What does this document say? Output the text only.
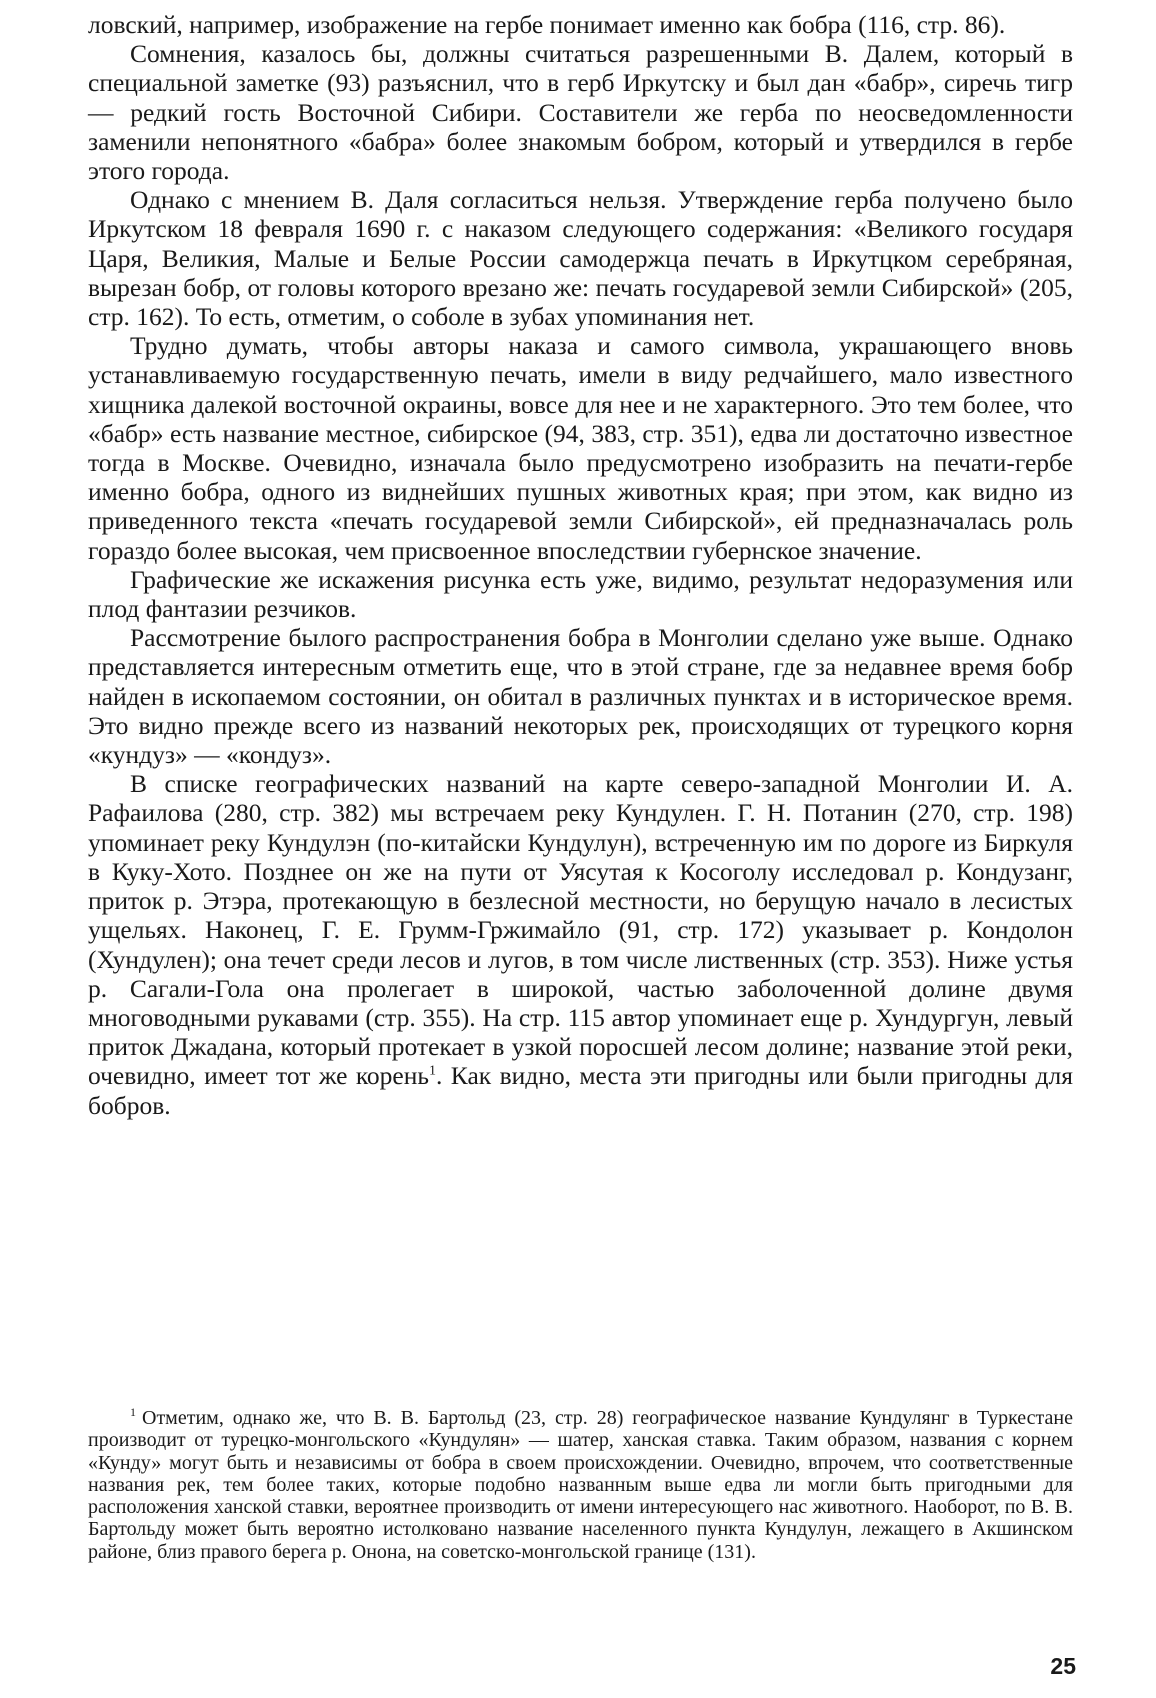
ловский, например, изображение на гербе понимает именно как бобра (116, стр. 86).

Сомнения, казалось бы, должны считаться разрешенными В. Далем, который в специальной заметке (93) разъяснил, что в герб Иркутску и был дан «бабр», сиречь тигр — редкий гость Восточной Сибири. Составители же герба по неосведомленности заменили непонятного «бабра» более знакомым бобром, который и утвердился в гербе этого города.

Однако с мнением В. Даля согласиться нельзя. Утверждение герба получено было Иркутском 18 февраля 1690 г. с наказом следующего содержания: «Великого государя Царя, Великия, Малые и Белые России самодержца печать в Иркутцком серебряная, вырезан бобр, от головы которого врезано же: печать государевой земли Сибирской» (205, стр. 162). То есть, отметим, о соболе в зубах упоминания нет.

Трудно думать, чтобы авторы наказа и самого символа, украшающего вновь устанавливаемую государственную печать, имели в виду редчайшего, мало известного хищника далекой восточной окраины, вовсе для нее и не характерного. Это тем более, что «бабр» есть название местное, сибирское (94, 383, стр. 351), едва ли достаточно известное тогда в Москве. Очевидно, изначала было предусмотрено изобразить на печати-гербе именно бобра, одного из виднейших пушных животных края; при этом, как видно из приведенного текста «печать государевой земли Сибирской», ей предназначалась роль гораздо более высокая, чем присвоенное впоследствии губернское значение.

Графические же искажения рисунка есть уже, видимо, результат недоразумения или плод фантазии резчиков.

Рассмотрение былого распространения бобра в Монголии сделано уже выше. Однако представляется интересным отметить еще, что в этой стране, где за недавнее время бобр найден в ископаемом состоянии, он обитал в различных пунктах и в историческое время. Это видно прежде всего из названий некоторых рек, происходящих от турецкого корня «кундуз» — «кондуз».

В списке географических названий на карте северо-западной Монголии И. А. Рафаилова (280, стр. 382) мы встречаем реку Кундулен. Г. Н. Потанин (270, стр. 198) упоминает реку Кундулэн (по-китайски Кундулун), встреченную им по дороге из Биркуля в Куку-Хото. Позднее он же на пути от Уясутая к Косоголу исследовал р. Кондузанг, приток р. Этэра, протекающую в безлесной местности, но берущую начало в лесистых ущельях. Наконец, Г. Е. Грумм-Гржимайло (91, стр. 172) указывает р. Кондолон (Хундулен); она течет среди лесов и лугов, в том числе лиственных (стр. 353). Ниже устья р. Сагали-Гола она пролегает в широкой, частью заболоченной долине двумя многоводными рукавами (стр. 355). На стр. 115 автор упоминает еще р. Хундургун, левый приток Джадана, который протекает в узкой поросшей лесом долине; название этой реки, очевидно, имеет тот же корень$^1$. Как видно, места эти пригодны или были пригодны для бобров.

$^1$ Отметим, однако же, что В. В. Бартольд (23, стр. 28) географическое название Кундулянг в Туркестане производит от турецко-монгольского «Кундулян» — шатер, ханская ставка. Таким образом, названия с корнем «Кунду» могут быть и независимы от бобра в своем происхождении. Очевидно, впрочем, что соответственные названия рек, тем более таких, которые подобно названным выше едва ли могли быть пригодными для расположения ханской ставки, вероятнее производить от имени интересующего нас животного. Наоборот, по В. В. Бартольду может быть вероятно истолковано название населенного пункта Кундулун, лежащего в Акшинском районе, близ правого берега р. Онона, на советско-монгольской границе (131).

25
